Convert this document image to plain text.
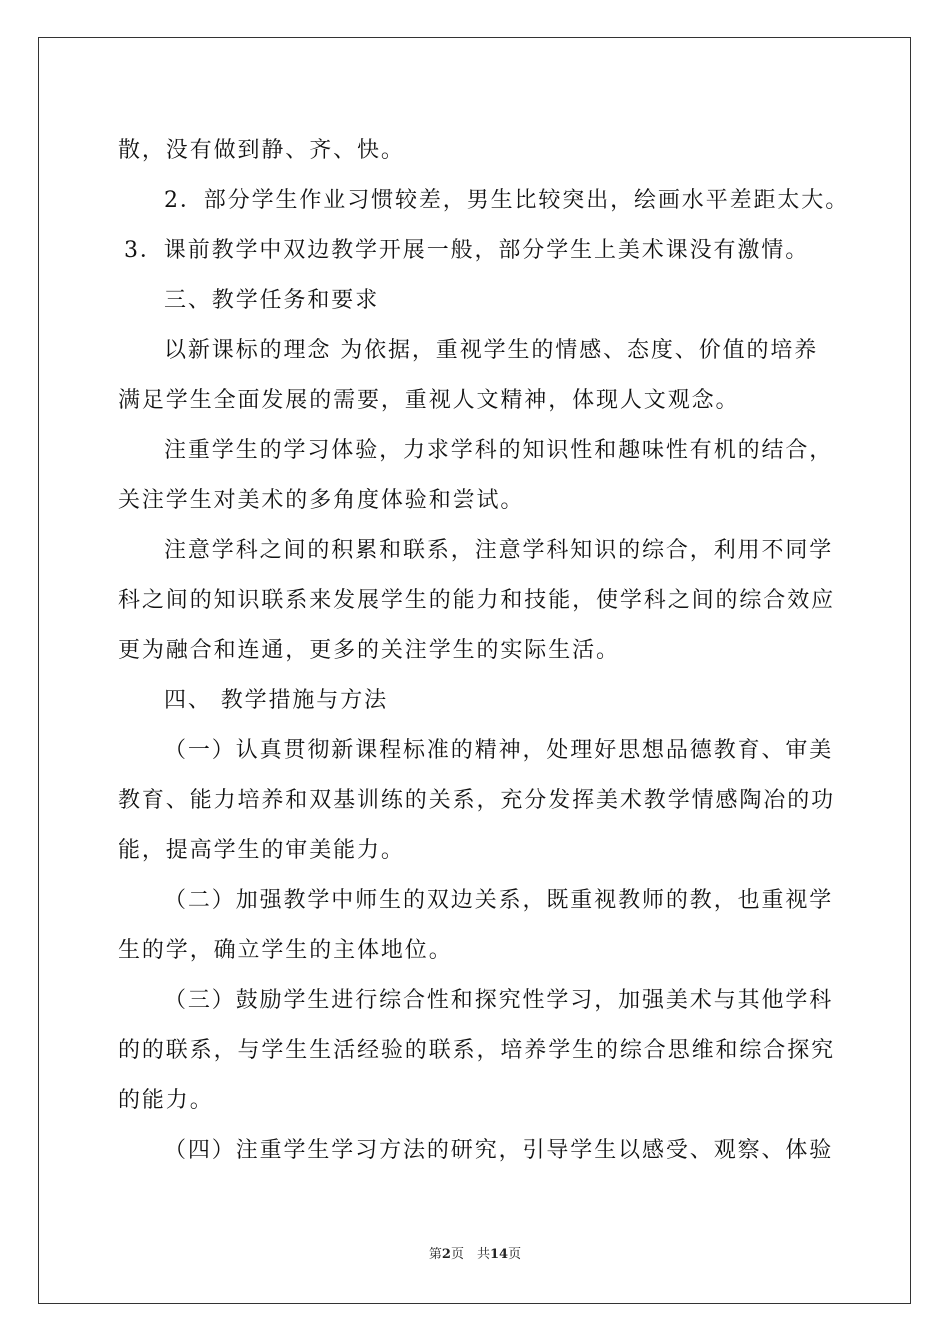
散，没有做到静、齐、快。
2．部分学生作业习惯较差，男生比较突出，绘画水平差距太大。
3．课前教学中双边教学开展一般，部分学生上美术课没有激情。
三、教学任务和要求
以新课标的理念 为依据，重视学生的情感、态度、价值的培养
满足学生全面发展的需要，重视人文精神，体现人文观念。
注重学生的学习体验，力求学科的知识性和趣味性有机的结合，
关注学生对美术的多角度体验和尝试。
注意学科之间的积累和联系，注意学科知识的综合，利用不同学
科之间的知识联系来发展学生的能力和技能，使学科之间的综合效应
更为融合和连通，更多的关注学生的实际生活。
四、 教学措施与方法
（一）认真贯彻新课程标准的精神，处理好思想品德教育、审美
教育、能力培养和双基训练的关系，充分发挥美术教学情感陶冶的功
能，提高学生的审美能力。
（二）加强教学中师生的双边关系，既重视教师的教，也重视学
生的学，确立学生的主体地位。
（三）鼓励学生进行综合性和探究性学习，加强美术与其他学科
的的联系，与学生生活经验的联系，培养学生的综合思维和综合探究
的能力。
（四）注重学生学习方法的研究，引导学生以感受、观察、体验
第2页　共14页
